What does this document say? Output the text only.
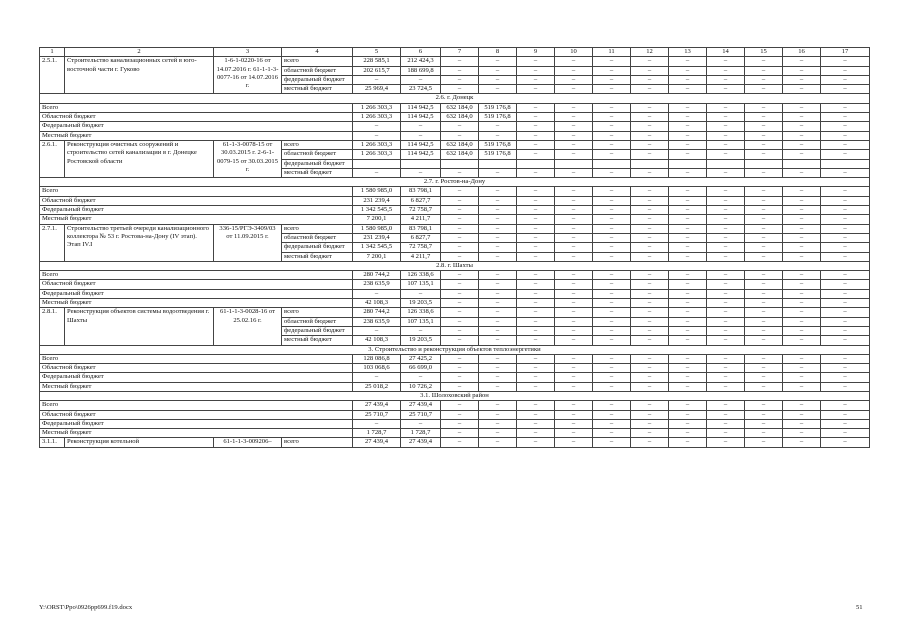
1	2	3	4	5	6	7	8	9	10	11	12	13	14	15	16	17
2.5.1.	Строительство канализационных сетей в юго-восточной части г. Гуково	1-6-1-0220-16 от 14.07.2016 г. 61-1-1-3-0077-16 от 14.07.2016 г.	всего	228 585,1	212 424,3	–	–	–	–	–	–	–	–	–	–	–
			областной бюджет	202 615,7	188 699,8	–	–	–	–	–	–	–	–	–	–	–
			федеральный бюджет	–	–	–	–	–	–	–	–	–	–	–	–	–
			местный бюджет	25 969,4	23 724,5	–	–	–	–	–	–	–	–	–	–	–
2.6. г. Донецк																
Всего				1 266 303,3	114 942,5	632 184,0	519 176,8	–	–	–	–	–	–	–	–	–
Областной бюджет				1 266 303,3	114 942,5	632 184,0	519 176,8	–	–	–	–	–	–	–	–	–
Федеральный бюджет				–	–	–	–	–	–	–	–	–	–	–	–	–
Местный бюджет				–	–	–	–	–	–	–	–	–	–	–	–	–
2.6.1.	Реконструкция очистных сооружений и строительство сетей канализации в г. Донецке Ростовской области	61-1-3-0078-15 от 30.03.2015 г. 2-6-1-0079-15 от 30.03.2015 г.	всего	1 266 303,3	114 942,5	632 184,0	519 176,8	–	–	–	–	–	–	–	–	–
			областной бюджет	1 266 303,3	114 942,5	632 184,0	519 176,8	–	–	–	–	–	–	–	–	–
			федеральный бюджет													
			местный бюджет	–	–	–	–	–	–	–	–	–	–	–	–	–
2.7. г. Ростов-на-Дону																
Всего				1 580 985,0	83 798,1	–	–	–	–	–	–	–	–	–	–	–
Областной бюджет				231 239,4	6 827,7	–	–	–	–	–	–	–	–	–	–	–
Федеральный бюджет				1 342 545,5	72 758,7	–	–	–	–	–	–	–	–	–	–	–
Местный бюджет				7 200,1	4 211,7	–	–	–	–	–	–	–	–	–	–	–
2.7.1.	Строительство третьей очереди канализационного коллектора № 53 г. Ростова-на-Дону (IV этап). Этап IV.I	336-15/РГЭ-3409/03 от 11.09.2015 г.	всего	1 580 985,0	83 798,1	–	–	–	–	–	–	–	–	–	–	–
			областной бюджет	231 239,4	6 827,7	–	–	–	–	–	–	–	–	–	–	–
			федеральный бюджет	1 342 545,5	72 758,7	–	–	–	–	–	–	–	–	–	–	–
			местный бюджет	7 200,1	4 211,7	–	–	–	–	–	–	–	–	–	–	–
2.8. г. Шахты																
Всего				280 744,2	126 338,6	–	–	–	–	–	–	–	–	–	–	–
Областной бюджет				238 635,9	107 135,1	–	–	–	–	–	–	–	–	–	–	–
Федеральный бюджет				–	–	–	–	–	–	–	–	–	–	–	–	–
Местный бюджет				42 108,3	19 203,5	–	–	–	–	–	–	–	–	–	–	–
2.8.1.	Реконструкция объектов системы водоотведения г. Шахты	61-1-1-3-0028-16 от 25.02.16 г.	всего	280 744,2	126 338,6	–	–	–	–	–	–	–	–	–	–	–
			областной бюджет	238 635,9	107 135,1	–	–	–	–	–	–	–	–	–	–	–
			федеральный бюджет	–	–	–	–	–	–	–	–	–	–	–	–	–
			местный бюджет	42 108,3	19 203,5	–	–	–	–	–	–	–	–	–	–	–
3. Строительство и реконструкция объектов теплоэнергетики																
Всего				128 086,8	27 425,2	–	–	–	–	–	–	–	–	–	–	–
Областной бюджет				103 068,6	66 699,0	–	–	–	–	–	–	–	–	–	–	–
Федеральный бюджет				–	–	–	–	–	–	–	–	–	–	–	–	–
Местный бюджет				25 018,2	10 726,2	–	–	–	–	–	–	–	–	–	–	–
3.1. Шолоховский район																
Всего				27 439,4	27 439,4	–	–	–	–	–	–	–	–	–	–	–
Областной бюджет				25 710,7	25 710,7	–	–	–	–	–	–	–	–	–	–	–
Федеральный бюджет				–	–	–	–	–	–	–	–	–	–	–	–	–
Местный бюджет				1 728,7	1 728,7	–	–	–	–	–	–	–	–	–	–	–
3.1.1.	Реконструкция котельной	61-1-1-3-009206–	всего	27 439,4	27 439,4	–	–	–	–	–	–	–	–	–	–	–
Y:\ORST\Ppo\0926pp699.f19.docx	51
